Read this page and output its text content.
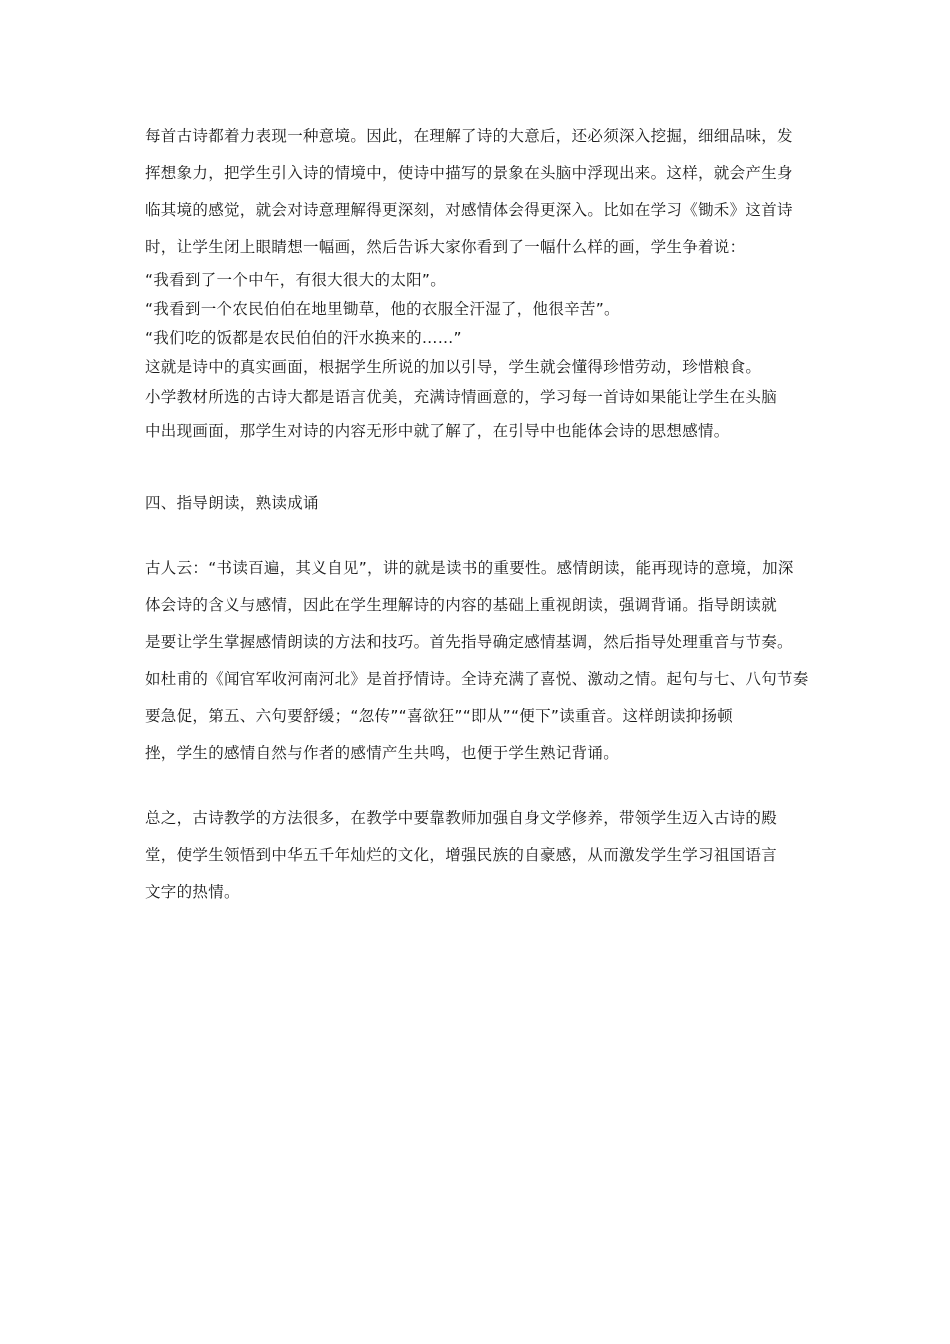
每首古诗都着力表现一种意境。因此，在理解了诗的大意后，还必须深入挖掘，细细品味，发
挥想象力，把学生引入诗的情境中，使诗中描写的景象在头脑中浮现出来。这样，就会产生身
临其境的感觉，就会对诗意理解得更深刻，对感情体会得更深入。比如在学习《锄禾》这首诗
时，让学生闭上眼睛想一幅画，然后告诉大家你看到了一幅什么样的画，学生争着说：

“我看到了一个中午，有很大很大的太阳”。
“我看到一个农民伯伯在地里锄草，他的衣服全汗湿了，他很辛苦”。
“我们吃的饭都是农民伯伯的汗水换来的……”
这就是诗中的真实画面，根据学生所说的加以引导，学生就会懂得珍惜劳动，珍惜粮食。

小学教材所选的古诗大都是语言优美，充满诗情画意的，学习每一首诗如果能让学生在头脑
中出现画面，那学生对诗的内容无形中就了解了，在引导中也能体会诗的思想感情。

四、指导朗读，熟读成诵

古人云：“书读百遍，其义自见”，讲的就是读书的重要性。感情朗读，能再现诗的意境，加深
体会诗的含义与感情，因此在学生理解诗的内容的基础上重视朗读，强调背诵。指导朗读就
是要让学生掌握感情朗读的方法和技巧。首先指导确定感情基调，然后指导处理重音与节奏。
如杜甫的《闻官军收河南河北》是首抒情诗。全诗充满了喜悦、激动之情。起句与七、八句节奏
要急促，第五、六句要舒缓；“忽传”“喜欲狂”“即从”“便下”读重音。这样朗读抑扬顿
挫，学生的感情自然与作者的感情产生共鸣，也便于学生熟记背诵。

总之，古诗教学的方法很多，在教学中要靠教师加强自身文学修养，带领学生迈入古诗的殿
堂，使学生领悟到中华五千年灿烂的文化，增强民族的自豪感，从而激发学生学习祖国语言
文字的热情。
